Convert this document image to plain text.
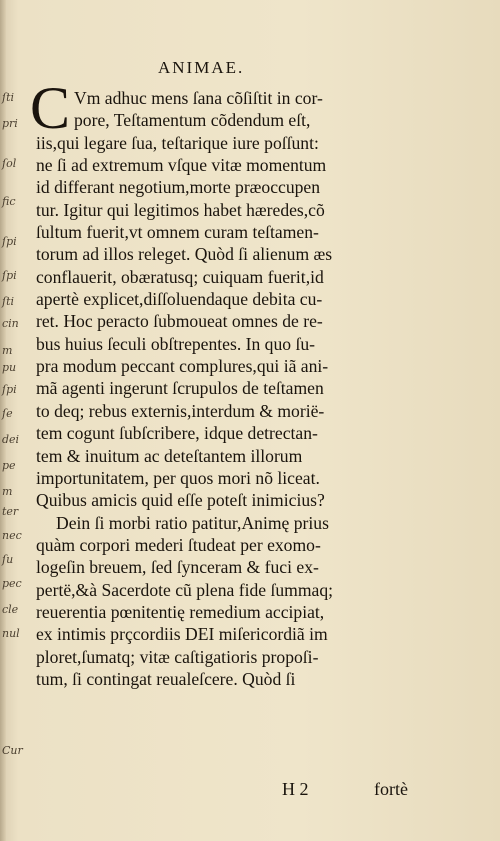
ſti
pri
ſol
fic
ſpi
ſpi
ſti
cin
m
pu
ſpi
ſe
dei
pe
m
ter
nec
ſu
pec
cle
nul
Cur
ANIMAE.
C Vm adhuc mens ſana cõſiſtit in cor-
pore, Teſtamentum cõdendum eſt,
iis,qui legare ſua, teſtarique iure poſſunt:
ne ſi ad extremum vſque vitæ momentum
id differant negotium,morte præoccupen
tur. Igitur qui legitimos habet hæredes,cõ
ſultum fuerit,vt omnem curam teſtamen-
torum ad illos releget. Quòd ſi alienum æs
conflauerit, obæratusq; cuiquam fuerit,id
apertè explicet,diſſoluendaque debita cu-
ret. Hoc peracto ſubmoueat omnes de re-
bus huius ſeculi obſtrepentes. In quo ſu-
pra modum peccant complures,qui iã ani-
mã agenti ingerunt ſcrupulos de teſtamen
to deq; rebus externis,interdum & morië-
tem cogunt ſubſcribere, idque detrectan-
tem & inuitum ac deteſtantem illorum
importunitatem, per quos mori nõ liceat.
Quibus amicis quid eſſe poteſt inimicius?
Dein ſi morbi ratio patitur,Animę prius
quàm corpori mederi ſtudeat per exomo-
logeſin breuem, ſed ſynceram & fuci ex-
pertë,&à Sacerdote cũ plena fide ſummaq;
reuerentia pœnitentię remedium accipiat,
ex intimis prçcordiis DEI miſericordiã im
ploret,ſumatq; vitæ caſtigatioris propoſi-
tum, ſi contingat reualeſcere. Quòd ſi
H 2	fortè
